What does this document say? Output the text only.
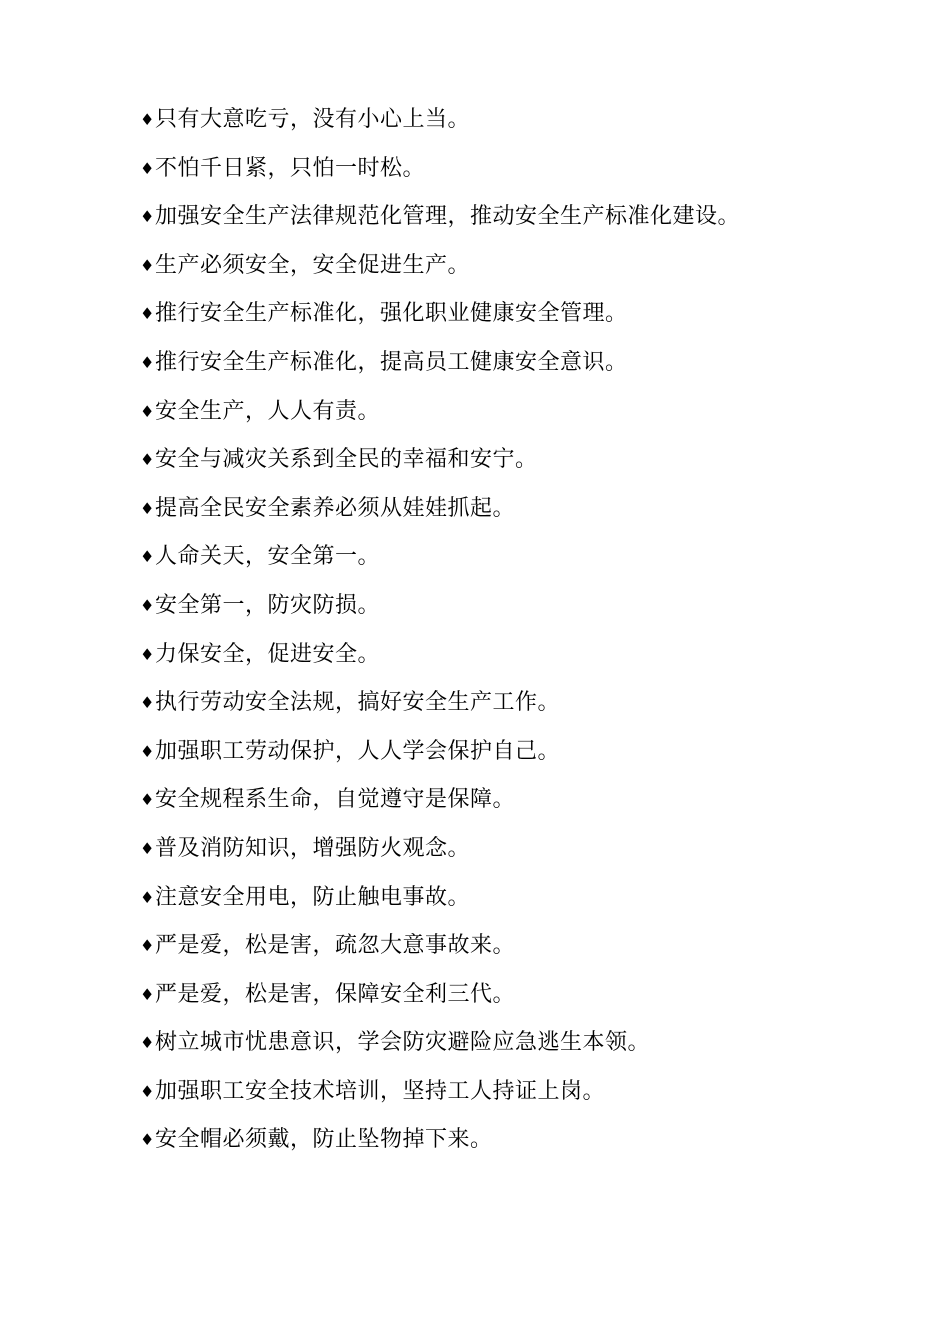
♦只有大意吃亏，没有小心上当。
♦不怕千日紧，只怕一时松。
♦加强安全生产法律规范化管理，推动安全生产标准化建设。
♦生产必须安全，安全促进生产。
♦推行安全生产标准化，强化职业健康安全管理。
♦推行安全生产标准化，提高员工健康安全意识。
♦安全生产，人人有责。
♦安全与减灾关系到全民的幸福和安宁。
♦提高全民安全素养必须从娃娃抓起。
♦人命关天，安全第一。
♦安全第一，防灾防损。
♦力保安全，促进安全。
♦执行劳动安全法规，搞好安全生产工作。
♦加强职工劳动保护，人人学会保护自己。
♦安全规程系生命，自觉遵守是保障。
♦普及消防知识，增强防火观念。
♦注意安全用电，防止触电事故。
♦严是爱，松是害，疏忽大意事故来。
♦严是爱，松是害，保障安全利三代。
♦树立城市忧患意识，学会防灾避险应急逃生本领。
♦加强职工安全技术培训，坚持工人持证上岗。
♦安全帽必须戴，防止坠物掉下来。
